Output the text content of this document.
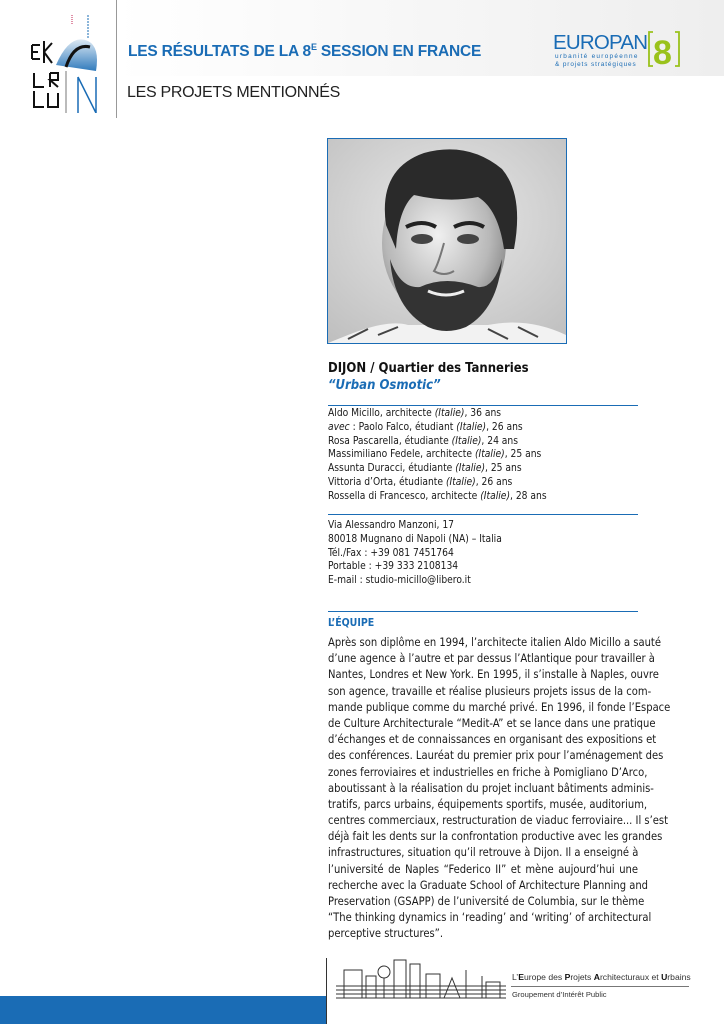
LES RÉSULTATS DE LA $8^E$ SESSION EN FRANCE
LES PROJETS MENTIONNÉS
EUROPAN
urbanité européenne
& projets stratégiques 8
DIJON / Quartier des Tanneries
“Urban Osmotic”
Aldo Micillo, architecte (Italie), 36 ans
avec : Paolo Falco, étudiant (Italie), 26 ans
Rosa Pascarella, étudiante (Italie), 24 ans
Massimiliano Fedele, architecte (Italie), 25 ans
Assunta Duracci, étudiante (Italie), 25 ans
Vittoria d’Orta, étudiante (Italie), 26 ans
Rossella di Francesco, architecte (Italie), 28 ans
Via Alessandro Manzoni, 17
80018 Mugnano di Napoli (NA) – Italia
Tél./Fax : +39 081 7451764
Portable : +39 333 2108134
E-mail : studio-micillo@libero.it
L’ÉQUIPE
Après son diplôme en 1994, l’architecte italien Aldo Micillo a sauté
d’une agence à l’autre et par dessus l’Atlantique pour travailler à
Nantes, Londres et New York. En 1995, il s’installe à Naples, ouvre
son agence, travaille et réalise plusieurs projets issus de la com-
mande publique comme du marché privé. En 1996, il fonde l’Espace
de Culture Architecturale “Medit-A” et se lance dans une pratique
d’échanges et de connaissances en organisant des expositions et
des conférences. Lauréat du premier prix pour l’aménagement des
zones ferroviaires et industrielles en friche à Pomigliano D’Arco,
aboutissant à la réalisation du projet incluant bâtiments adminis-
tratifs, parcs urbains, équipements sportifs, musée, auditorium,
centres commerciaux, restructuration de viaduc ferroviaire... Il s’est
déjà fait les dents sur la confrontation productive avec les grandes
infrastructures, situation qu’il retrouve à Dijon. Il a enseigné à
l’université de Naples “Federico II” et mène aujourd’hui une
recherche avec la Graduate School of Architecture Planning and
Preservation (GSAPP) de l’université de Columbia, sur le thème
“The thinking dynamics in ‘reading’ and ‘writing’ of architectural
perceptive structures”.
L’Europe des Projets Architecturaux et Urbains
Groupement d’Intérêt Public
